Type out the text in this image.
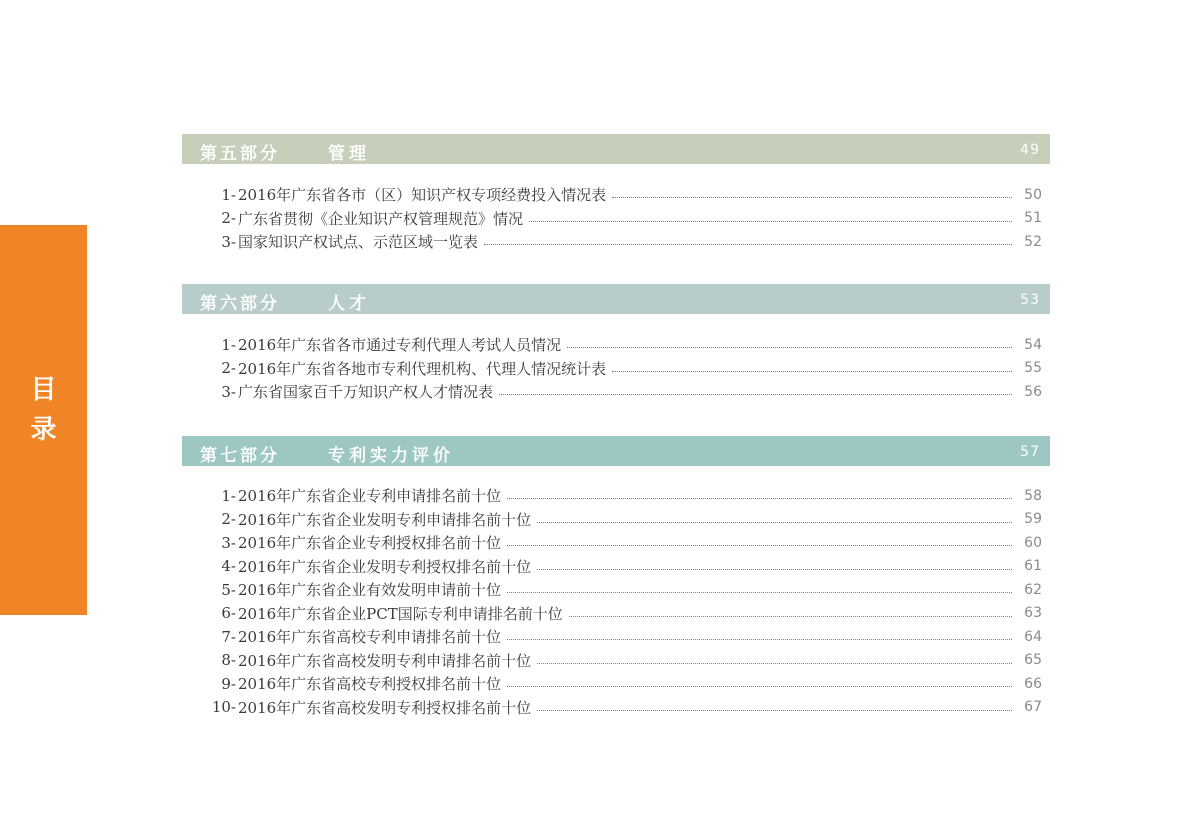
目
录
第五部分	管理	49
1- 2016年广东省各市（区）知识产权专项经费投入情况表	50
2- 广东省贯彻《企业知识产权管理规范》情况	51
3- 国家知识产权试点、示范区域一览表	52
第六部分	人才	53
1- 2016年广东省各市通过专利代理人考试人员情况	54
2- 2016年广东省各地市专利代理机构、代理人情况统计表	55
3- 广东省国家百千万知识产权人才情况表	56
第七部分	专利实力评价	57
1- 2016年广东省企业专利申请排名前十位	58
2- 2016年广东省企业发明专利申请排名前十位	59
3- 2016年广东省企业专利授权排名前十位	60
4- 2016年广东省企业发明专利授权排名前十位	61
5- 2016年广东省企业有效发明申请前十位	62
6- 2016年广东省企业PCT国际专利申请排名前十位	63
7- 2016年广东省高校专利申请排名前十位	64
8- 2016年广东省高校发明专利申请排名前十位	65
9- 2016年广东省高校专利授权排名前十位	66
10- 2016年广东省高校发明专利授权排名前十位	67
